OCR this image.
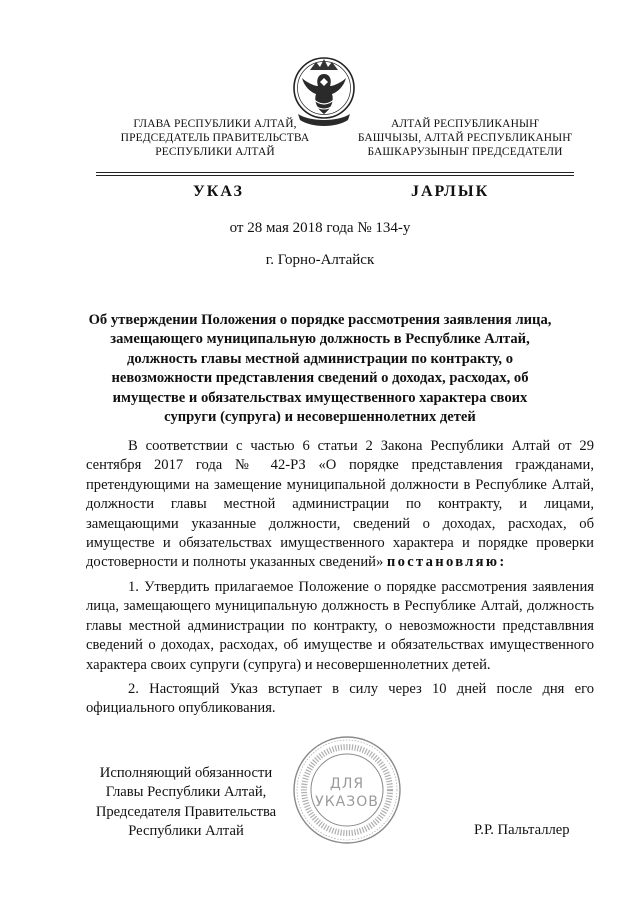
ГЛАВА РЕСПУБЛИКИ АЛТАЙ,
ПРЕДСЕДАТЕЛЬ ПРАВИТЕЛЬСТВА
РЕСПУБЛИКИ АЛТАЙ
АЛТАЙ РЕСПУБЛИКАНЫҤ
БАШЧЫЗЫ, АЛТАЙ РЕСПУБЛИКАНЫҤ
БАШКАРУЗЫНЫҤ ПРЕДСЕДАТЕЛИ
УКАЗ	JАРЛЫК
от 28 мая 2018 года № 134-у
г. Горно-Алтайск
Об утверждении Положения о порядке рассмотрения заявления лица, замещающего муниципальную должность в Республике Алтай, должность главы местной администрации по контракту, о невозможности представления сведений о доходах, расходах, об имуществе и обязательствах имущественного характера своих супруги (супруга) и несовершеннолетних детей

В соответствии с частью 6 статьи 2 Закона Республики Алтай от 29 сентября 2017 года № 42-РЗ «О порядке представления гражданами, претендующими на замещение муниципальной должности в Республике Алтай, должности главы местной администрации по контракту, и лицами, замещающими указанные должности, сведений о доходах, расходах, об имуществе и обязательствах имущественного характера и порядке проверки достоверности и полноты указанных сведений» постановляю:

1. Утвердить прилагаемое Положение о порядке рассмотрения заявления лица, замещающего муниципальную должность в Республике Алтай, должность главы местной администрации по контракту, о невозможности представлвния сведений о доходах, расходах, об имуществе и обязательствах имущественного характера своих супруги (супруга) и несовершеннолетних детей.

2. Настоящий Указ вступает в силу через 10 дней после дня его официального опубликования.

Исполняющий обязанности
Главы Республики Алтай,
Председателя Правительства
Республики Алтай	Р.Р. Пальталлер
ДЛЯ
УКАЗОВ
